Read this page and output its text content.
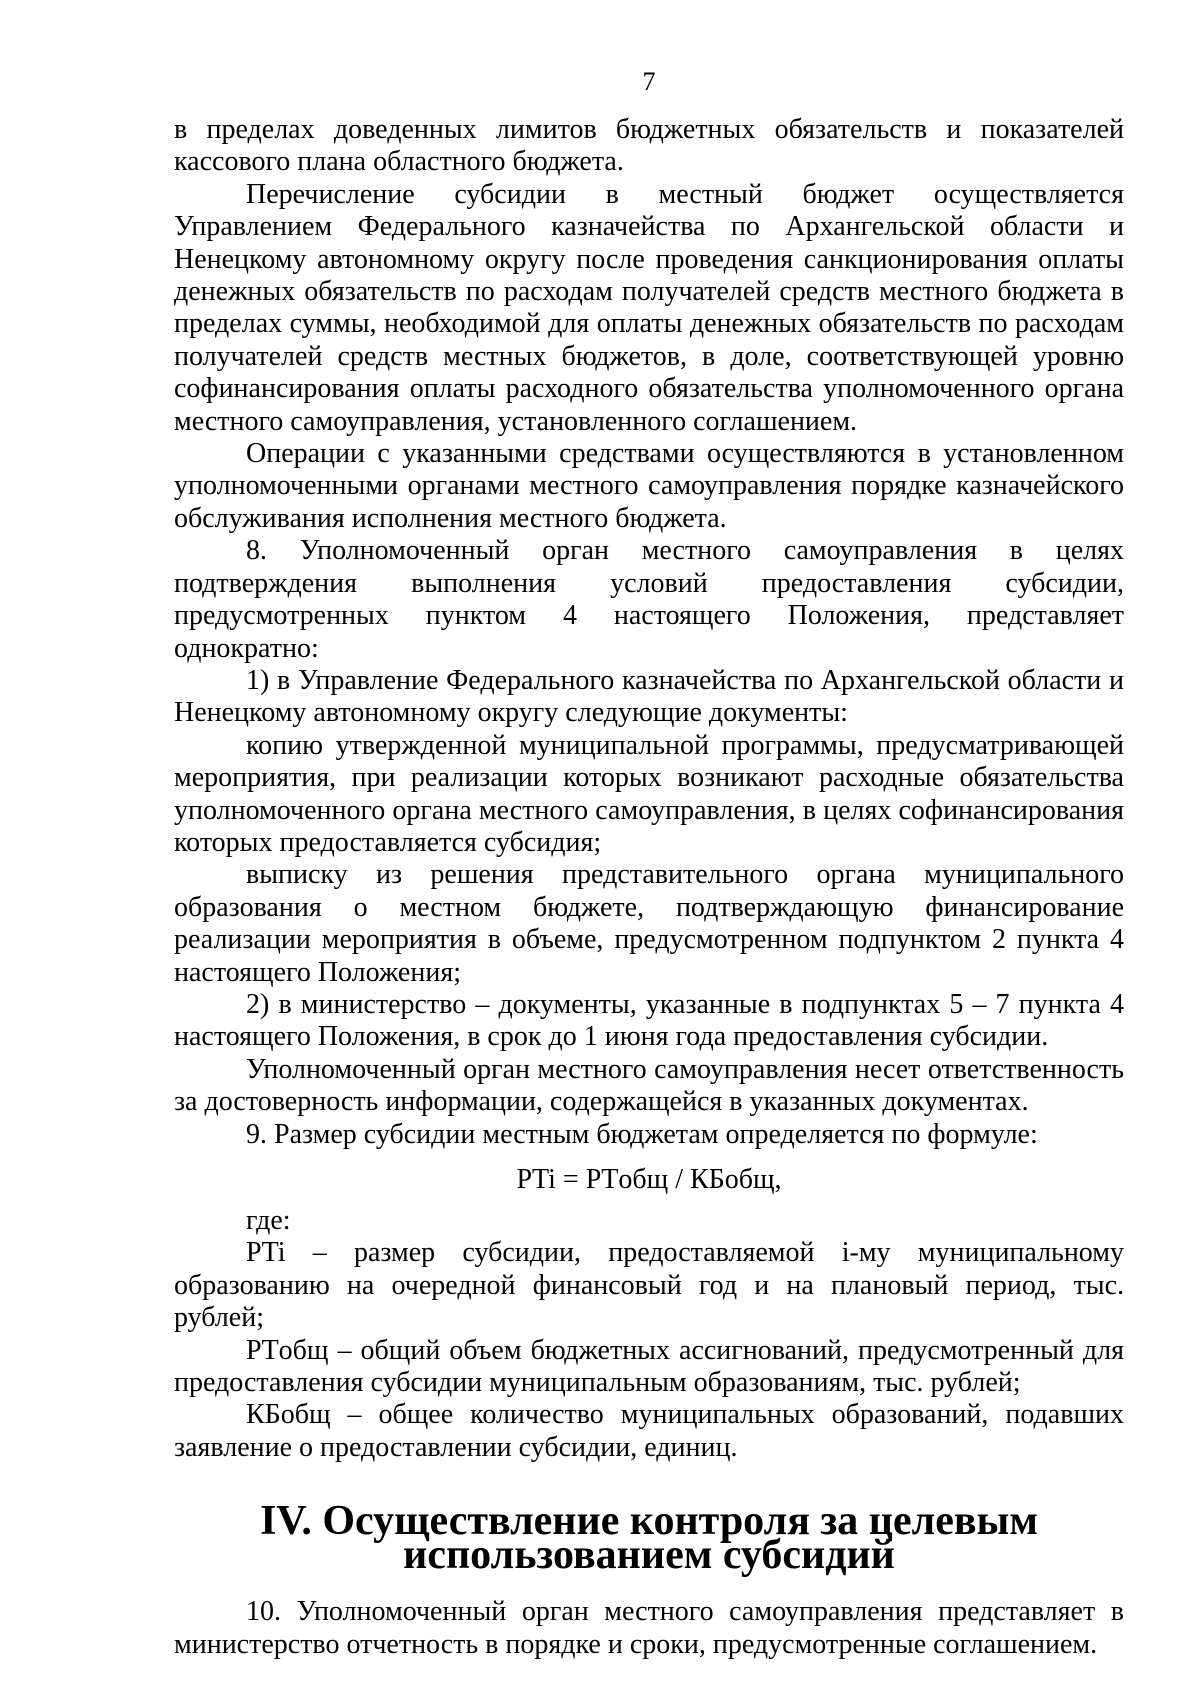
7

в пределах доведенных лимитов бюджетных обязательств и показателей кассового плана областного бюджета.

Перечисление субсидии в местный бюджет осуществляется Управлением Федерального казначейства по Архангельской области и Ненецкому автономному округу после проведения санкционирования оплаты денежных обязательств по расходам получателей средств местного бюджета в пределах суммы, необходимой для оплаты денежных обязательств по расходам получателей средств местных бюджетов, в доле, соответствующей уровню софинансирования оплаты расходного обязательства уполномоченного органа местного самоуправления, установленного соглашением.

Операции с указанными средствами осуществляются в установленном уполномоченными органами местного самоуправления порядке казначейского обслуживания исполнения местного бюджета.

8. Уполномоченный орган местного самоуправления в целях подтверждения выполнения условий предоставления субсидии, предусмотренных пунктом 4 настоящего Положения, представляет однократно:

1) в Управление Федерального казначейства по Архангельской области и Ненецкому автономному округу следующие документы:

копию утвержденной муниципальной программы, предусматривающей мероприятия, при реализации которых возникают расходные обязательства уполномоченного органа местного самоуправления, в целях софинансирования которых предоставляется субсидия;

выписку из решения представительного органа муниципального образования о местном бюджете, подтверждающую финансирование реализации мероприятия в объеме, предусмотренном подпунктом 2 пункта 4 настоящего Положения;

2) в министерство – документы, указанные в подпунктах 5 – 7 пункта 4 настоящего Положения, в срок до 1 июня года предоставления субсидии.

Уполномоченный орган местного самоуправления несет ответственность за достоверность информации, содержащейся в указанных документах.

9. Размер субсидии местным бюджетам определяется по формуле:

PTi = PTобщ / КБобщ,

где:

PTi – размер субсидии, предоставляемой i-му муниципальному образованию на очередной финансовый год и на плановый период, тыс. рублей;

PTобщ – общий объем бюджетных ассигнований, предусмотренный для предоставления субсидии муниципальным образованиям, тыс. рублей;

КБобщ – общее количество муниципальных образований, подавших заявление о предоставлении субсидии, единиц.

IV. Осуществление контроля за целевым использованием субсидий

10. Уполномоченный орган местного самоуправления представляет в министерство отчетность в порядке и сроки, предусмотренные соглашением.
